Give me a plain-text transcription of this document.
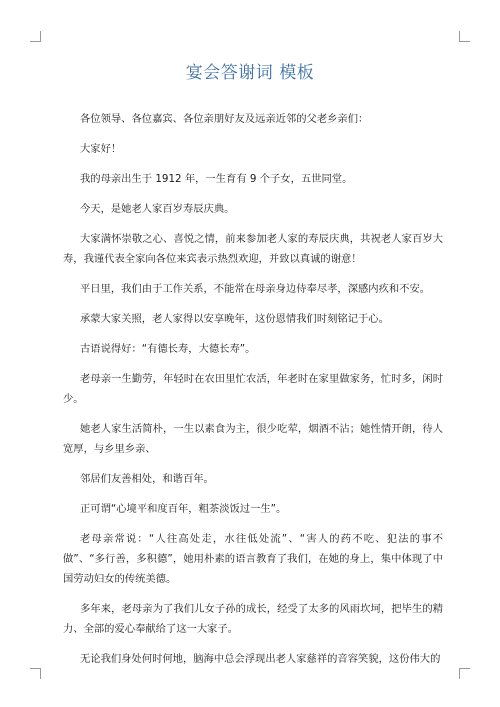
宴会答谢词 模板

各位领导、各位嘉宾、各位亲朋好友及远亲近邻的父老乡亲们：

大家好！

我的母亲出生于 1912 年，一生育有 9 个子女，五世同堂。

今天，是她老人家百岁寿辰庆典。

大家满怀崇敬之心、喜悦之情，前来参加老人家的寿辰庆典，共祝老人家百岁大寿，我谨代表全家向各位来宾表示热烈欢迎，并致以真诚的谢意！

平日里，我们由于工作关系，不能常在母亲身边侍奉尽孝，深感内疚和不安。

承蒙大家关照，老人家得以安享晚年，这份恩情我们时刻铭记于心。

古语说得好：“有德长寿，大德长寿”。

老母亲一生勤劳，年轻时在农田里忙农活，年老时在家里做家务，忙时多，闲时少。

她老人家生活简朴，一生以素食为主，很少吃荤，烟酒不沾；她性情开朗，待人宽厚，与乡里乡亲、

邻居们友善相处，和谐百年。

正可谓“心境平和度百年，粗茶淡饭过一生”。

老母亲常说：“人往高处走，水往低处流”、“害人的药不吃、犯法的事不做”、“多行善，多积德”，她用朴素的语言教育了我们，在她的身上，集中体现了中国劳动妇女的传统美德。

多年来，老母亲为了我们儿女子孙的成长，经受了太多的风雨坎坷，把毕生的精力、全部的爱心奉献给了这一大家子。

无论我们身处何时何地，脑海中总会浮现出老人家慈祥的音容笑貌，这份伟大的
